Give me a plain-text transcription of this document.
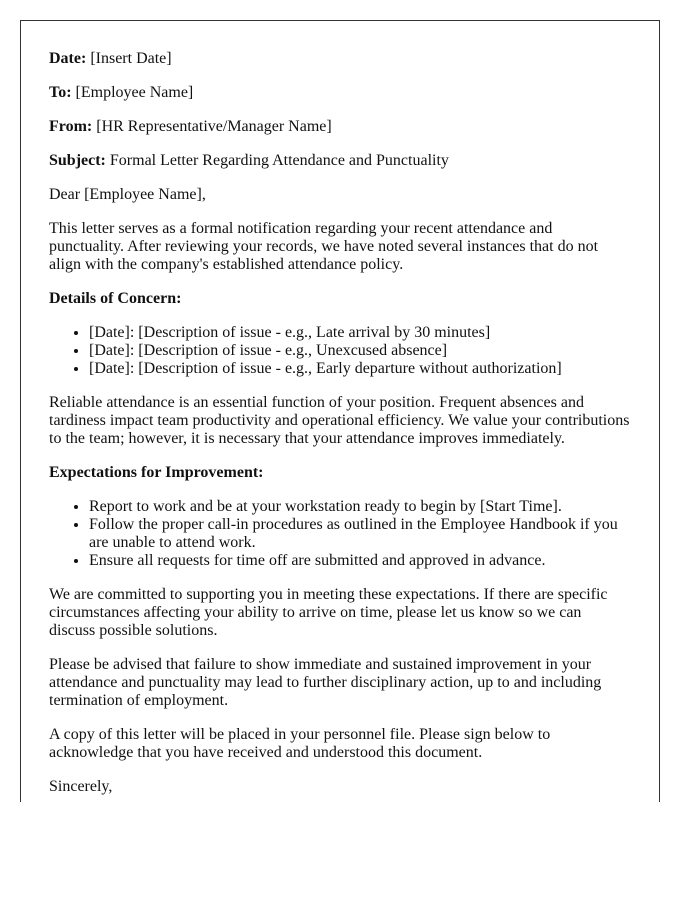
Date: [Insert Date]

To: [Employee Name]

From: [HR Representative/Manager Name]

Subject: Formal Letter Regarding Attendance and Punctuality

Dear [Employee Name],

This letter serves as a formal notification regarding your recent attendance and punctuality. After reviewing your records, we have noted several instances that do not align with the company's established attendance policy.

Details of Concern:

• [Date]: [Description of issue - e.g., Late arrival by 30 minutes]
• [Date]: [Description of issue - e.g., Unexcused absence]
• [Date]: [Description of issue - e.g., Early departure without authorization]

Reliable attendance is an essential function of your position. Frequent absences and tardiness impact team productivity and operational efficiency. We value your contributions to the team; however, it is necessary that your attendance improves immediately.

Expectations for Improvement:

• Report to work and be at your workstation ready to begin by [Start Time].
• Follow the proper call-in procedures as outlined in the Employee Handbook if you are unable to attend work.
• Ensure all requests for time off are submitted and approved in advance.

We are committed to supporting you in meeting these expectations. If there are specific circumstances affecting your ability to arrive on time, please let us know so we can discuss possible solutions.

Please be advised that failure to show immediate and sustained improvement in your attendance and punctuality may lead to further disciplinary action, up to and including termination of employment.

A copy of this letter will be placed in your personnel file. Please sign below to acknowledge that you have received and understood this document.

Sincerely,
